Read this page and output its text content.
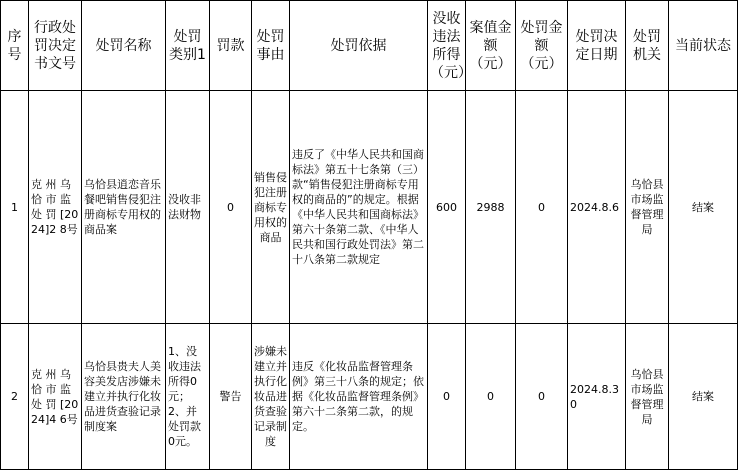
序号	行政处罚决定书文号	处罚名称	处罚类别1	罚款	处罚事由	处罚依据	没收违法所得（元）	案值金额（元）	处罚金额（元）	处罚决定日期	处罚机关	当前状态
1	克 州 乌 恰 市 监 处 罚 [2024]2 8号	乌恰县逍恋音乐餐吧销售侵犯注册商标专用权的商品案	没收非法财物	0	销售侵犯注册商标专用权的商品	违反了《中华人民共和国商标法》第五十七条第（三）款“销售侵犯注册商标专用权的商品的”的规定。根据《中华人民共和国商标法》第六十条第二款、《中华人民共和国行政处罚法》第二十八条第二款规定	600	2988	0	2024.8.6	乌恰县市场监督管理局	结案
2	克 州 乌 恰 市 监 处 罚 [2024]4 6号	乌恰县贵夫人美容美发店涉嫌未建立并执行化妆品进货查验记录制度案	1、没收违法所得0元；2、并处罚款0元。	警告	涉嫌未建立并执行化妆品进货查验记录制度	违反《化妆品监督管理条例》第三十八条的规定；依据《化妆品监督管理条例》第六十二条第二款，的规定。	0	0	0	2024.8.30	乌恰县市场监督管理局	结案
